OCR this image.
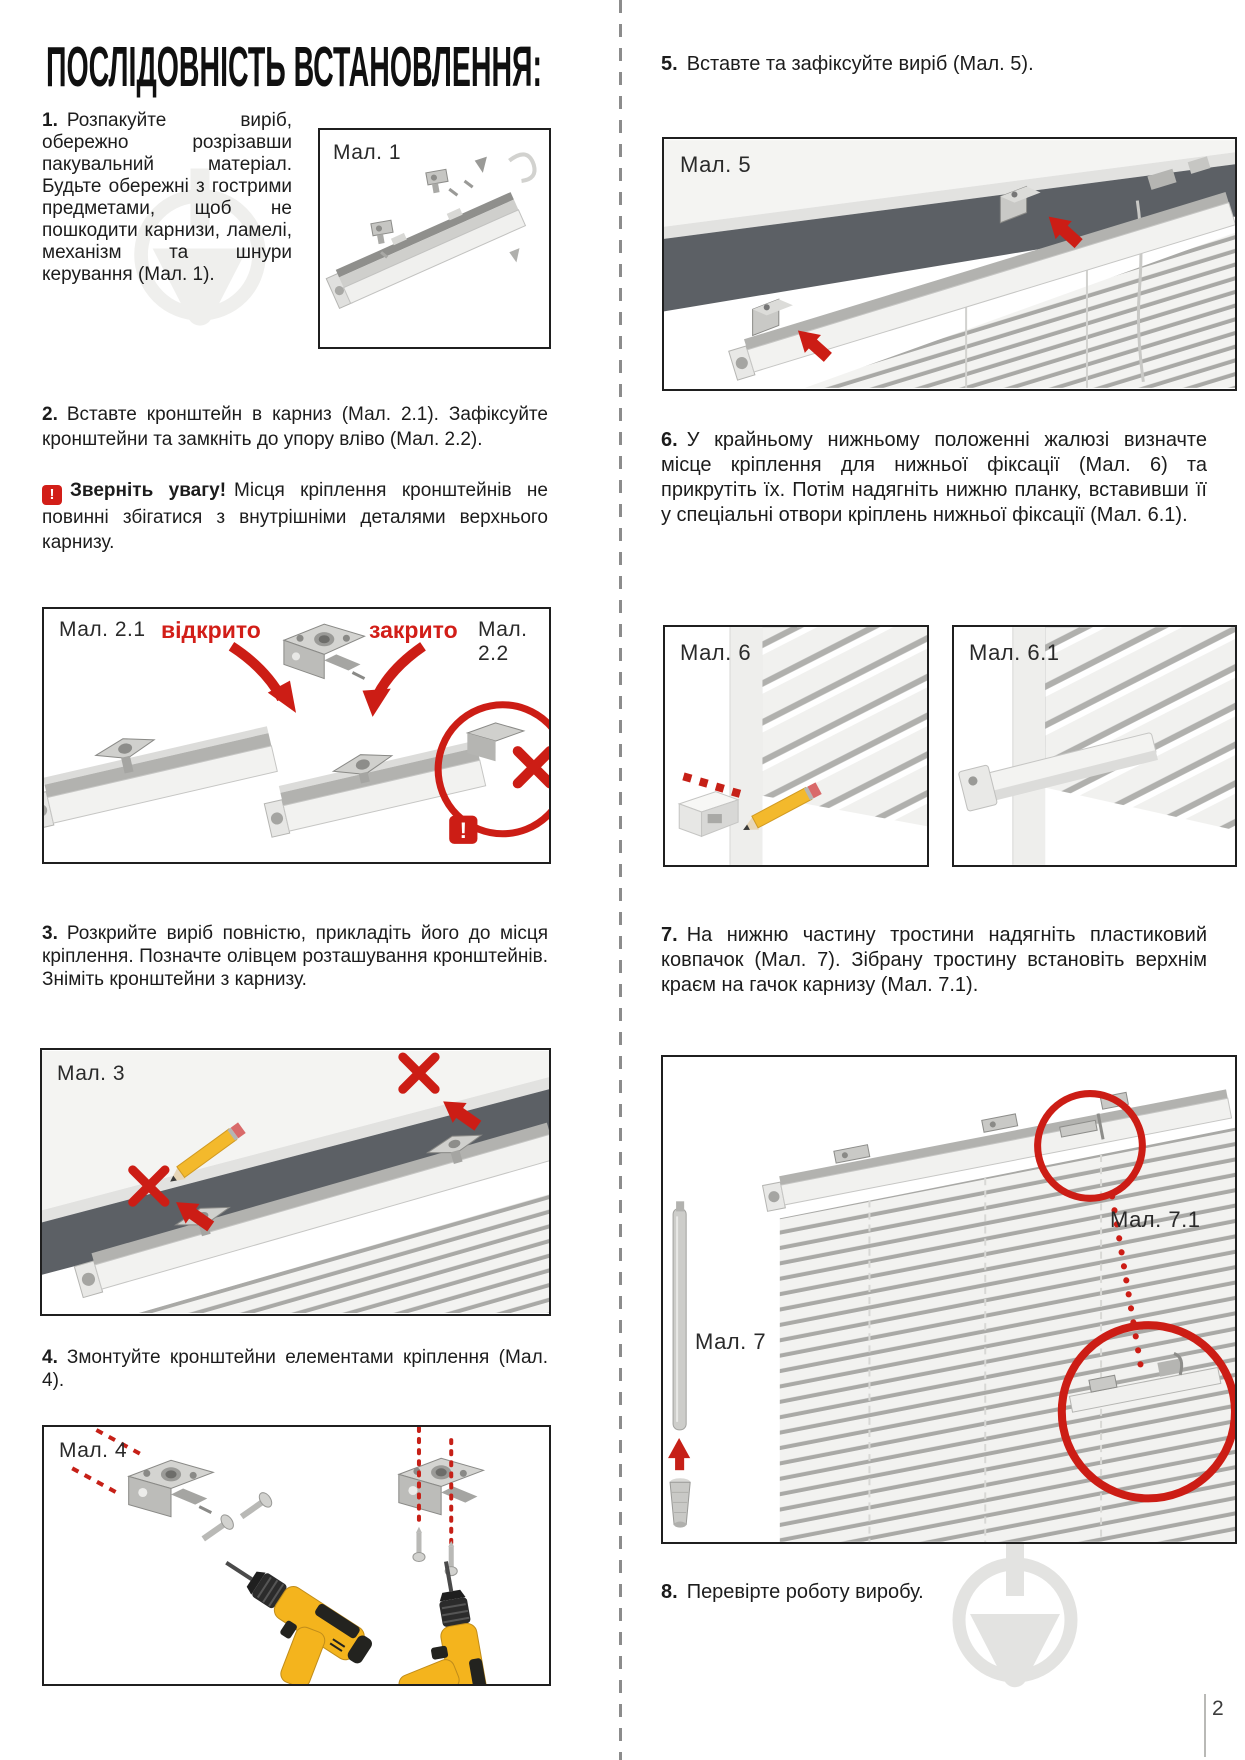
ПОСЛІДОВНІСТЬ ВСТАНОВЛЕННЯ:

1. Розпакуйте виріб, обережно розрізавши пакувальний матеріал. Будьте обережні з гострими предметами, щоб не пошкодити карнизи, ламелі, механізм та шнури керування (Мал. 1).

Мал. 1

2. Вставте кронштейн в карниз (Мал. 2.1). Зафіксуйте кронштейни та замкніть до упору вліво (Мал. 2.2).

! Зверніть увагу! Місця кріплення кронштейнів не повинні збігатися з внутрішніми деталями верхнього карнизу.

Мал. 2.1 відкрито	закрито Мал. 2.2
!

3. Розкрийте виріб повністю, прикладіть його до місця кріплення. Позначте олівцем розташування кронштейнів. Зніміть кронштейни з карнизу.

Мал. 3

4. Змонтуйте кронштейни елементами кріплення (Мал. 4).

Мал. 4

5. Вставте та зафіксуйте виріб (Мал. 5).

Мал. 5

6. У крайньому нижньому положенні жалюзі визначте місце кріплення для нижньої фіксації (Мал. 6) та прикрутіть їх. Потім надягніть нижню планку, вставивши її у спеціальні отвори кріплень нижньої фіксації (Мал. 6.1).

Мал. 6	Мал. 6.1

7. На нижню частину тростини надягніть пластиковий ковпачок (Мал. 7). Зібрану тростину встановіть верхнім краєм на гачок карнизу (Мал. 7.1).

Мал. 7
Мал. 7.1

8. Перевірте роботу виробу.

2
